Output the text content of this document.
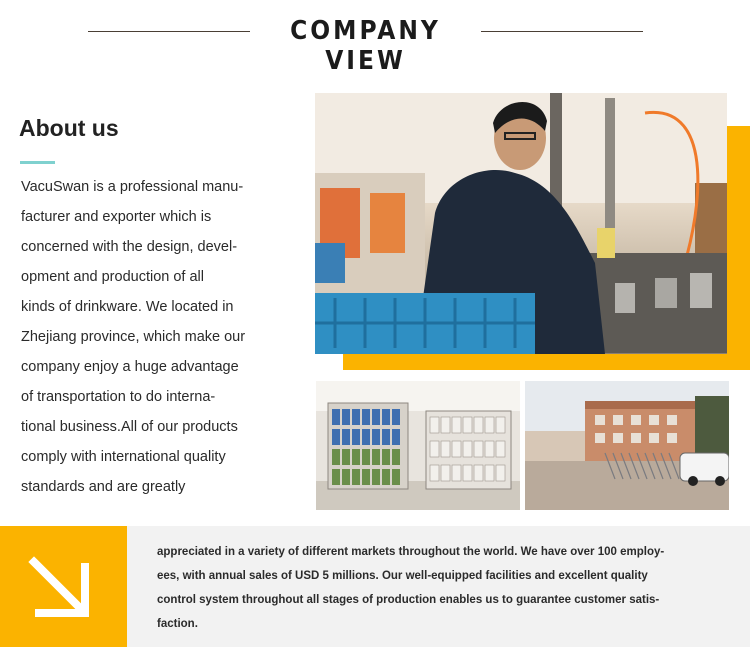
COMPANY VIEW
About us
VacuSwan is a professional manu-
facturer and exporter which is
concerned with the design, devel-
opment and production of all
kinds of drinkware. We located in
Zhejiang province, which make our
company enjoy a huge advantage
of transportation to do interna-
tional business.All of our products
comply with international quality
standards and are greatly
appreciated in a variety of different markets throughout the world. We have over 100 employ-
ees, with annual sales of USD 5 millions. Our well-equipped facilities and excellent quality
control system throughout all stages of production enables us to guarantee customer satis-
faction.
